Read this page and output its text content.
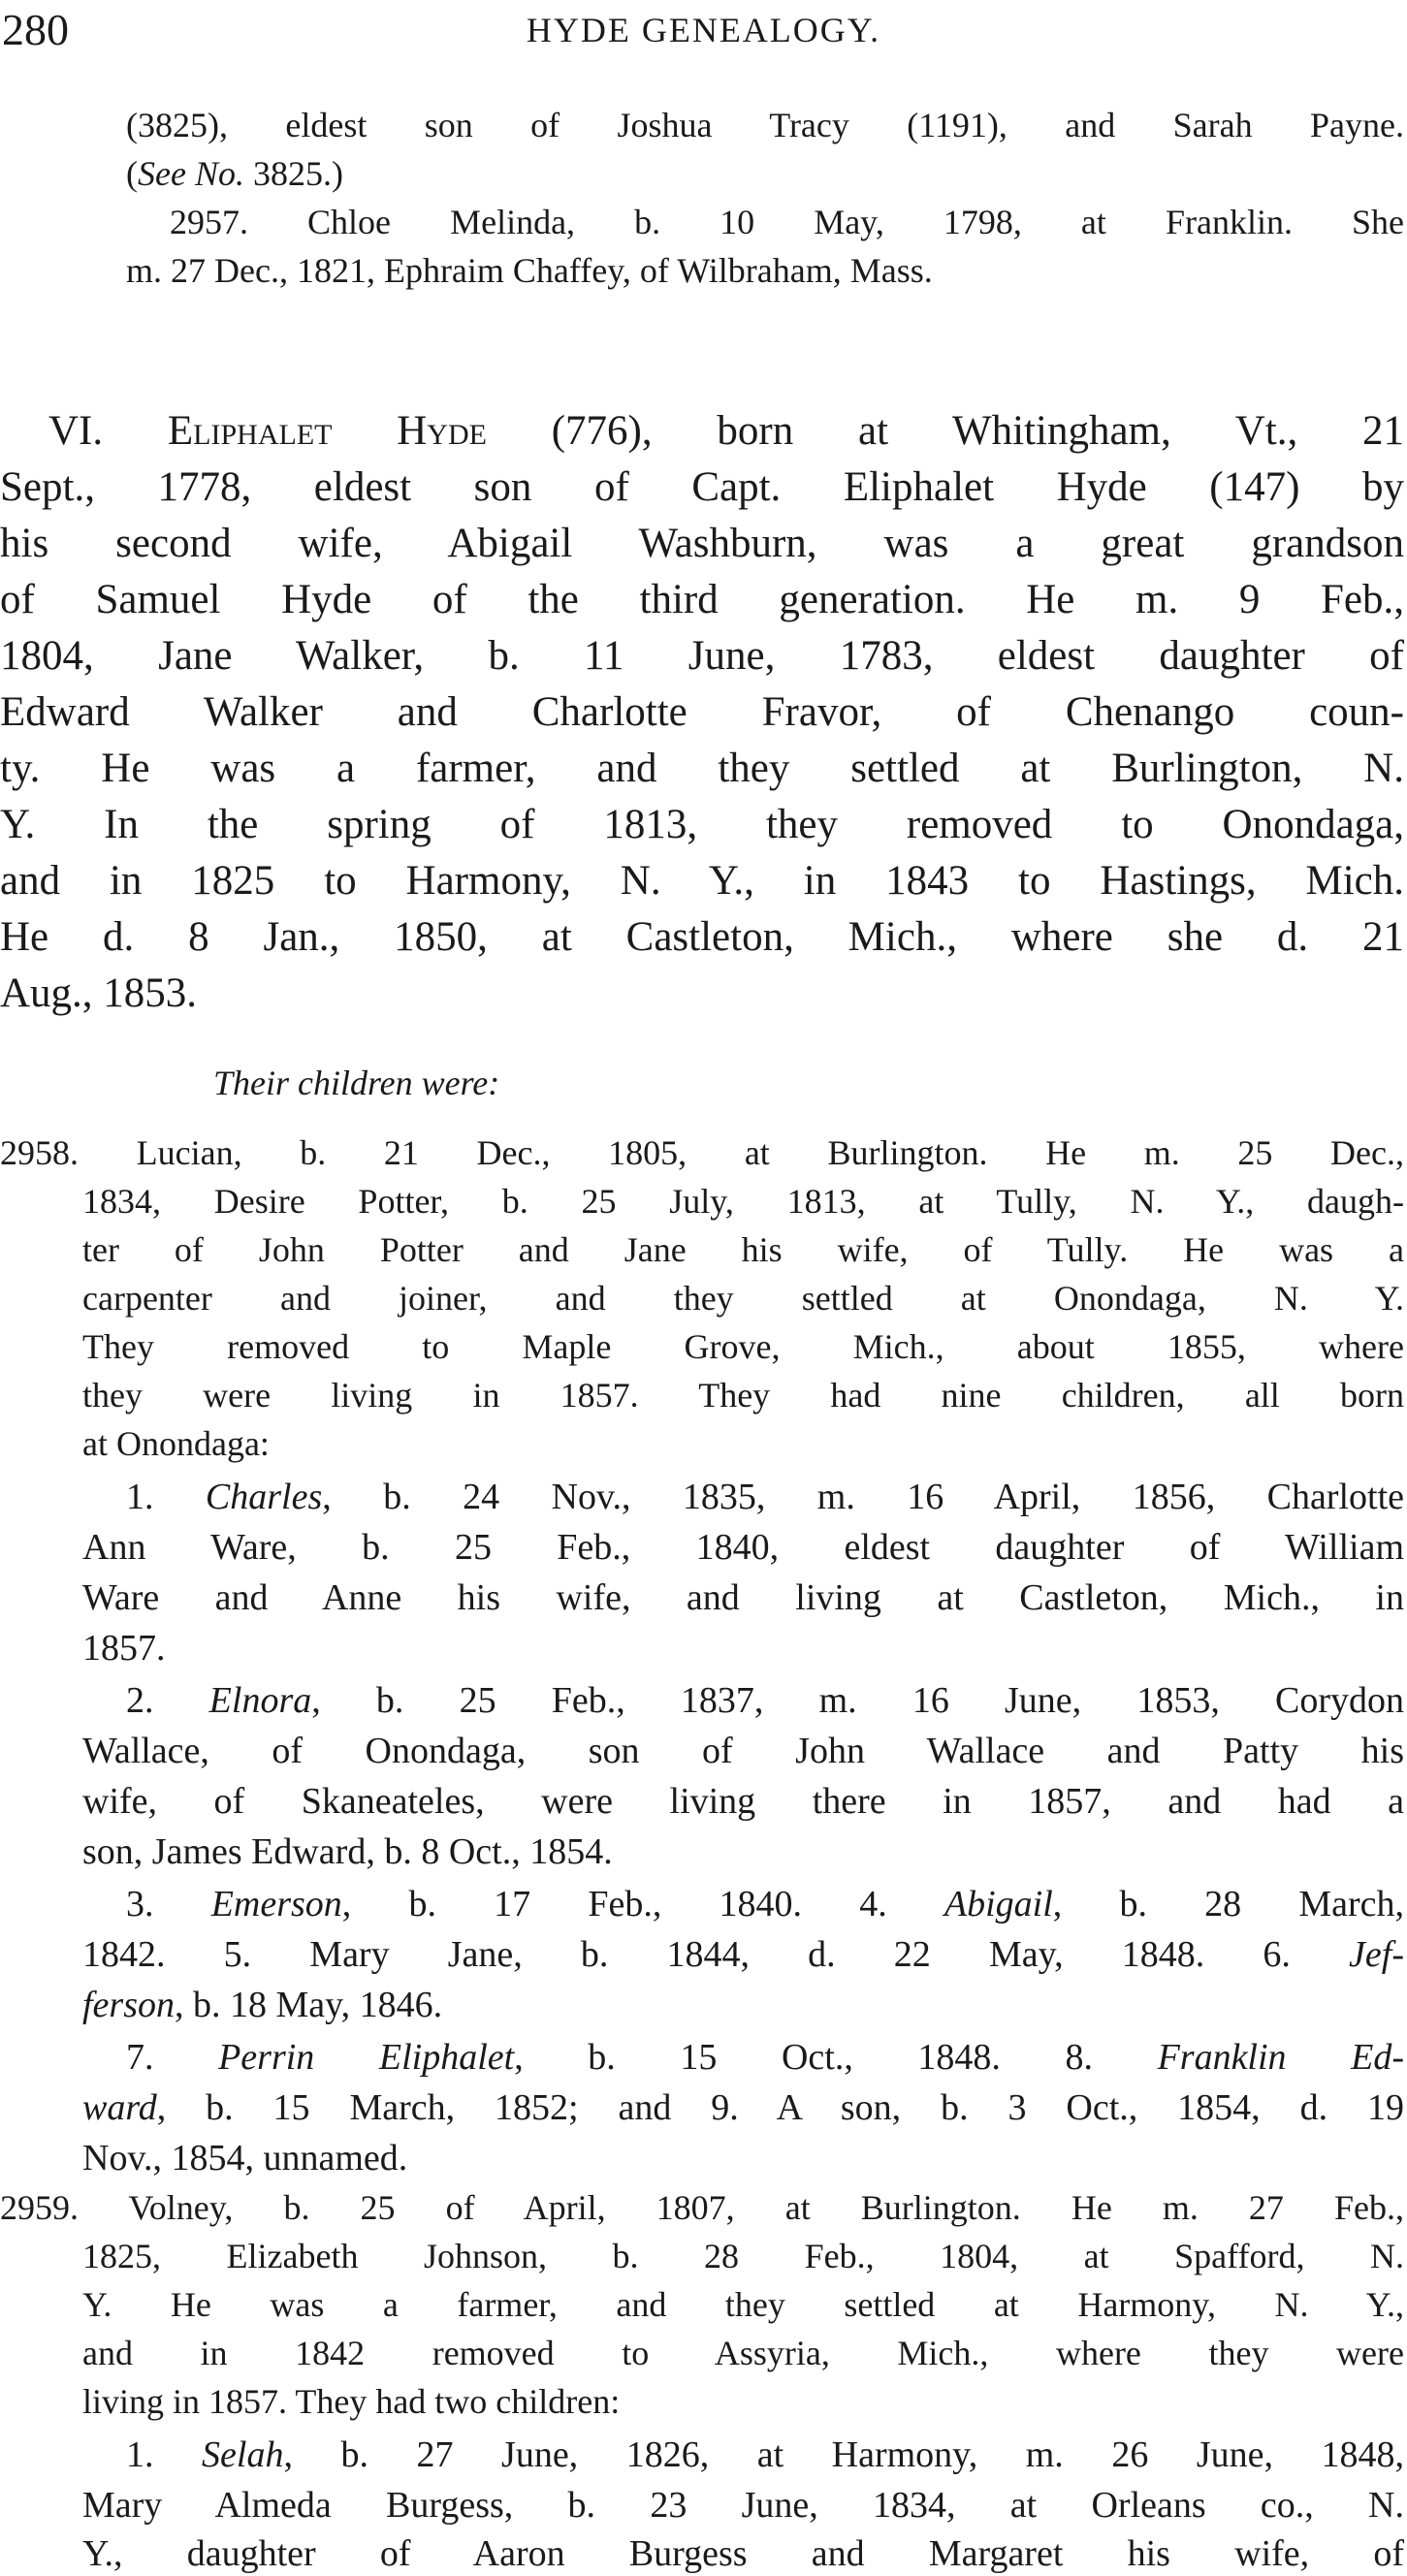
280	HYDE GENEALOGY.
(3825), eldest son of Joshua Tracy (1191), and Sarah Payne.
(See No. 3825.)
2957. Chloe Melinda, b. 10 May, 1798, at Franklin. She
m. 27 Dec., 1821, Ephraim Chaffey, of Wilbraham, Mass.
VI. Eliphalet Hyde (776), born at Whitingham, Vt., 21
Sept., 1778, eldest son of Capt. Eliphalet Hyde (147) by
his second wife, Abigail Washburn, was a great grandson
of Samuel Hyde of the third generation. He m. 9 Feb.,
1804, Jane Walker, b. 11 June, 1783, eldest daughter of
Edward Walker and Charlotte Fravor, of Chenango coun-
ty. He was a farmer, and they settled at Burlington, N.
Y. In the spring of 1813, they removed to Onondaga,
and in 1825 to Harmony, N. Y., in 1843 to Hastings, Mich.
He d. 8 Jan., 1850, at Castleton, Mich., where she d. 21
Aug., 1853.
Their children were:
2958. Lucian, b. 21 Dec., 1805, at Burlington. He m. 25 Dec.,
1834, Desire Potter, b. 25 July, 1813, at Tully, N. Y., daugh-
ter of John Potter and Jane his wife, of Tully. He was a
carpenter and joiner, and they settled at Onondaga, N. Y.
They removed to Maple Grove, Mich., about 1855, where
they were living in 1857. They had nine children, all born
at Onondaga:
1. Charles, b. 24 Nov., 1835, m. 16 April, 1856, Charlotte
Ann Ware, b. 25 Feb., 1840, eldest daughter of William
Ware and Anne his wife, and living at Castleton, Mich., in
1857.
2. Elnora, b. 25 Feb., 1837, m. 16 June, 1853, Corydon
Wallace, of Onondaga, son of John Wallace and Patty his
wife, of Skaneateles, were living there in 1857, and had a
son, James Edward, b. 8 Oct., 1854.
3. Emerson, b. 17 Feb., 1840. 4. Abigail, b. 28 March,
1842. 5. Mary Jane, b. 1844, d. 22 May, 1848. 6. Jef-
ferson, b. 18 May, 1846.
7. Perrin Eliphalet, b. 15 Oct., 1848. 8. Franklin Ed-
ward, b. 15 March, 1852; and 9. A son, b. 3 Oct., 1854, d. 19
Nov., 1854, unnamed.
2959. Volney, b. 25 of April, 1807, at Burlington. He m. 27 Feb.,
1825, Elizabeth Johnson, b. 28 Feb., 1804, at Spafford, N.
Y. He was a farmer, and they settled at Harmony, N. Y.,
and in 1842 removed to Assyria, Mich., where they were
living in 1857. They had two children:
1. Selah, b. 27 June, 1826, at Harmony, m. 26 June, 1848,
Mary Almeda Burgess, b. 23 June, 1834, at Orleans co., N.
Y., daughter of Aaron Burgess and Margaret his wife, of
